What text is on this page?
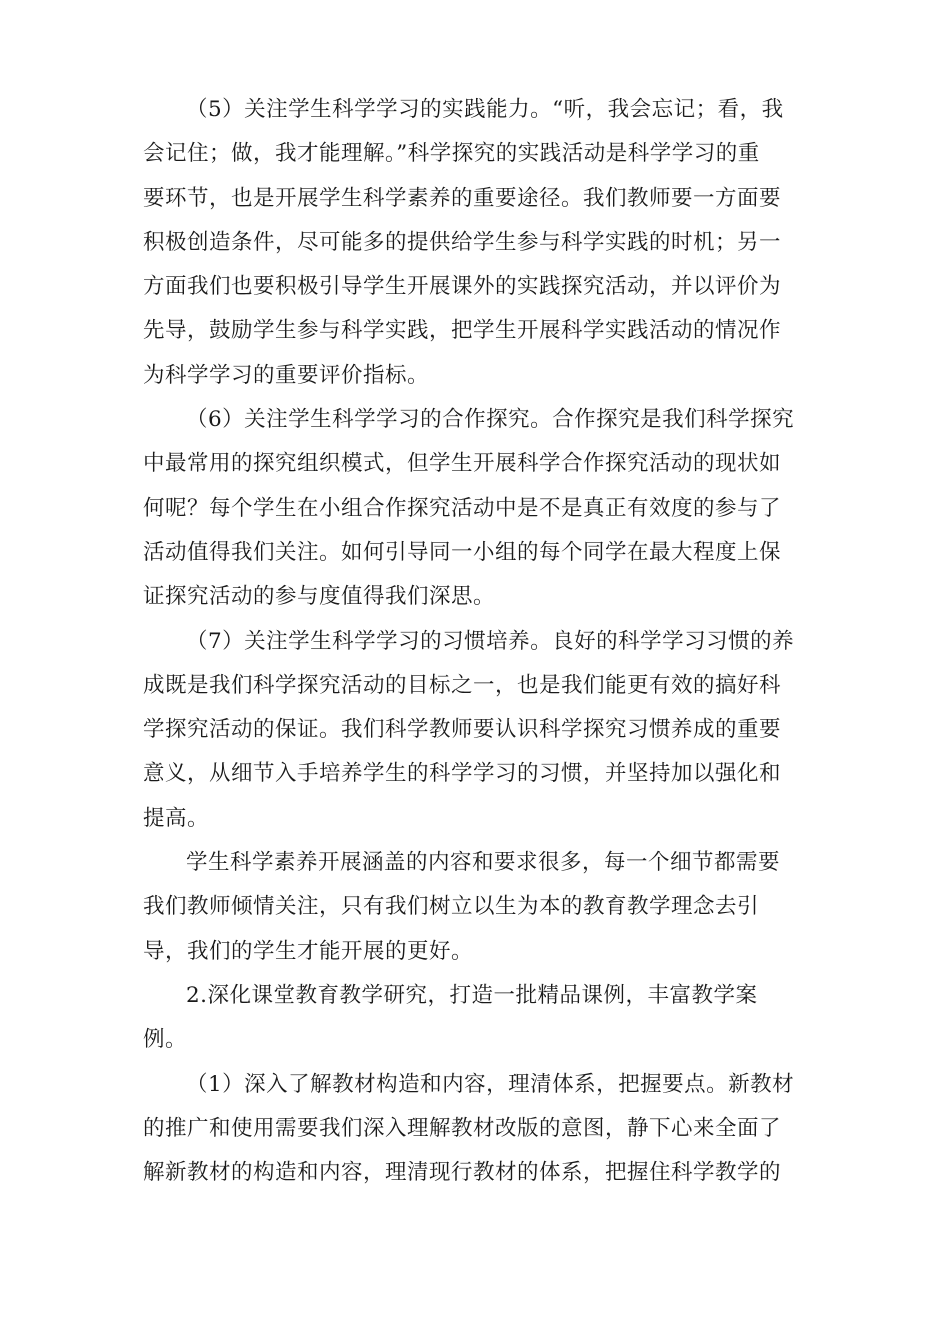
（5）关注学生科学学习的实践能力。“听，我会忘记；看，我
会记住；做，我才能理解。”科学探究的实践活动是科学学习的重
要环节，也是开展学生科学素养的重要途径。我们教师要一方面要
积极创造条件，尽可能多的提供给学生参与科学实践的时机；另一
方面我们也要积极引导学生开展课外的实践探究活动，并以评价为
先导，鼓励学生参与科学实践，把学生开展科学实践活动的情况作
为科学学习的重要评价指标。
（6）关注学生科学学习的合作探究。合作探究是我们科学探究
中最常用的探究组织模式，但学生开展科学合作探究活动的现状如
何呢？每个学生在小组合作探究活动中是不是真正有效度的参与了
活动值得我们关注。如何引导同一小组的每个同学在最大程度上保
证探究活动的参与度值得我们深思。
（7）关注学生科学学习的习惯培养。良好的科学学习习惯的养
成既是我们科学探究活动的目标之一，也是我们能更有效的搞好科
学探究活动的保证。我们科学教师要认识科学探究习惯养成的重要
意义，从细节入手培养学生的科学学习的习惯，并坚持加以强化和
提高。
学生科学素养开展涵盖的内容和要求很多，每一个细节都需要
我们教师倾情关注，只有我们树立以生为本的教育教学理念去引
导，我们的学生才能开展的更好。
2.深化课堂教育教学研究，打造一批精品课例，丰富教学案
例。
（1）深入了解教材构造和内容，理清体系，把握要点。新教材
的推广和使用需要我们深入理解教材改版的意图，静下心来全面了
解新教材的构造和内容，理清现行教材的体系，把握住科学教学的
